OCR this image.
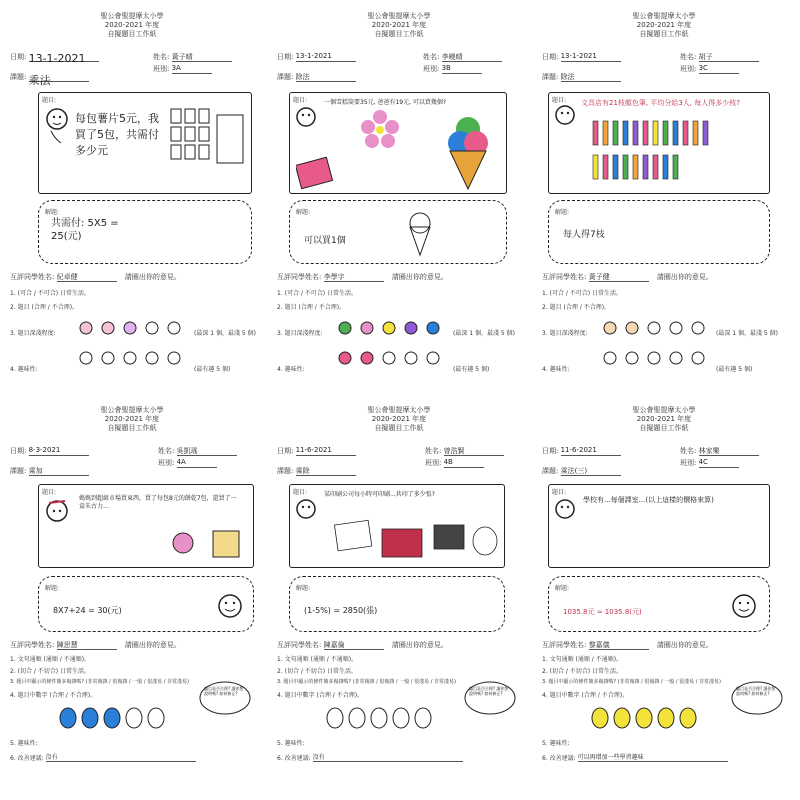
聖公會聖提摩太小學
2020-2021 年度
自擬題目工作紙
日期: 13-1-2021	姓名: 黃子晴
班別: 3A
課題: 乘法
題目:
每包薯片5元，我買了5包，共需付多少元
解題:
共需付: 5X5 = 25(元)
互評同學姓名: 紀卓健	請圈出你的意見。
1. (可合 / 不可合) 日常生活。
2. 題目 (合理 / 不合理)。
3. 題目深淺程度:	(最深 1 個，最淺 5 個)
4. 趣味性:	(最有趣 5 個)
聖公會聖提摩太小學
2020-2021 年度
自擬題目工作紙
日期: 13-1-2021	姓名: 李曉晴
班別: 3B
課題: 除法
題目:	一個雪糕筒要35元, 爸爸有19元, 可以買幾個?
解題:
可以買1個
互評同學姓名: 李學宇	請圈出你的意見。
1. (可合 / 不可合) 日常生活。
2. 題目 (合理 / 不合理)。
3. 題目深淺程度:	(最深 1 個，最淺 5 個)
4. 趣味性:	(最有趣 5 個)
聖公會聖提摩太小學
2020-2021 年度
自擬題目工作紙
日期: 13-1-2021	姓名: 胡子
班別: 3C
課題: 除法
題目: 文具店有21枝顏色筆, 平均分給3人, 每人得多少枝?
解題:
每人得7枝
互評同學姓名: 黃子健	請圈出你的意見。
1. (可合 / 不可合) 日常生活。
2. 題目 (合理 / 不合理)。
3. 題目深淺程度:	(最深 1 個，最淺 5 個)
4. 趣味性:	(最有趣 5 個)
聖公會聖提摩太小學
2020-2021 年度
自擬題目工作紙
日期: 8-3-2021	姓名: 吳凱瑤
班別: 4A
課題: 乘加
題目:
媽媽到超級市場買東西，買了每包8元的餅乾7包，還買了一盒朱古力...
解題:
8X7+24 = 30(元)
互評同學姓名: 陳思慧	請圈出你的意見。
1. 文句通順 (通順 / 不通順)。
2. (切合 / 不切合) 日常生活。
3. 題目中顯示的條件簡多複雜嗎? (非常複雜 / 很複雜 / 一般 / 很淺易 / 非常淺易)
4. 題目中數字 (合理 / 不合理)。
5. 趣味性:
6. 改善建議: 沒有
題目是否合理? 讓你想說明嗎? 如何修正?
聖公會聖提摩太小學
2020-2021 年度
自擬題目工作紙
日期: 11-6-2021	姓名: 曾浩賢
班別: 4B
課題: 乘除
題目:	某印刷公司每小時可印刷...共印了多少張?
解題:
(1-5%) = 2850(張)
互評同學姓名: 陳嘉倫	請圈出你的意見。
1. 文句通順 (通順 / 不通順)。
2. (切合 / 不切合) 日常生活。
3. 題目中顯示的條件簡多複雜嗎? (非常複雜 / 很複雜 / 一般 / 很淺易 / 非常淺易)
4. 題目中數字 (合理 / 不合理)。
5. 趣味性:
6. 改善建議: 沒有
題目是否合理? 讓你想說明嗎? 如何修正?
聖公會聖提摩太小學
2020-2021 年度
自擬題目工作紙
日期: 11-6-2021	姓名: 林家樂
班別: 4C
課題: 乘法(三)
題目:
學校有...每個課室...(以上這樣的價格來算)
解題:
1035.8元 ≈ 1035.8(元)
互評同學姓名: 黎嘉儀	請圈出你的意見。
1. 文句通順 (通順 / 不通順)。
2. (切合 / 不切合) 日常生活。
3. 題目中顯示的條件簡多複雜嗎? (非常複雜 / 很複雜 / 一般 / 很淺易 / 非常淺易)
4. 題目中數字 (合理 / 不合理)。
5. 趣味性:
6. 改善建議: 可以再增加一些學習趣味
題目是否合理? 讓你想說明嗎? 如何修正?
